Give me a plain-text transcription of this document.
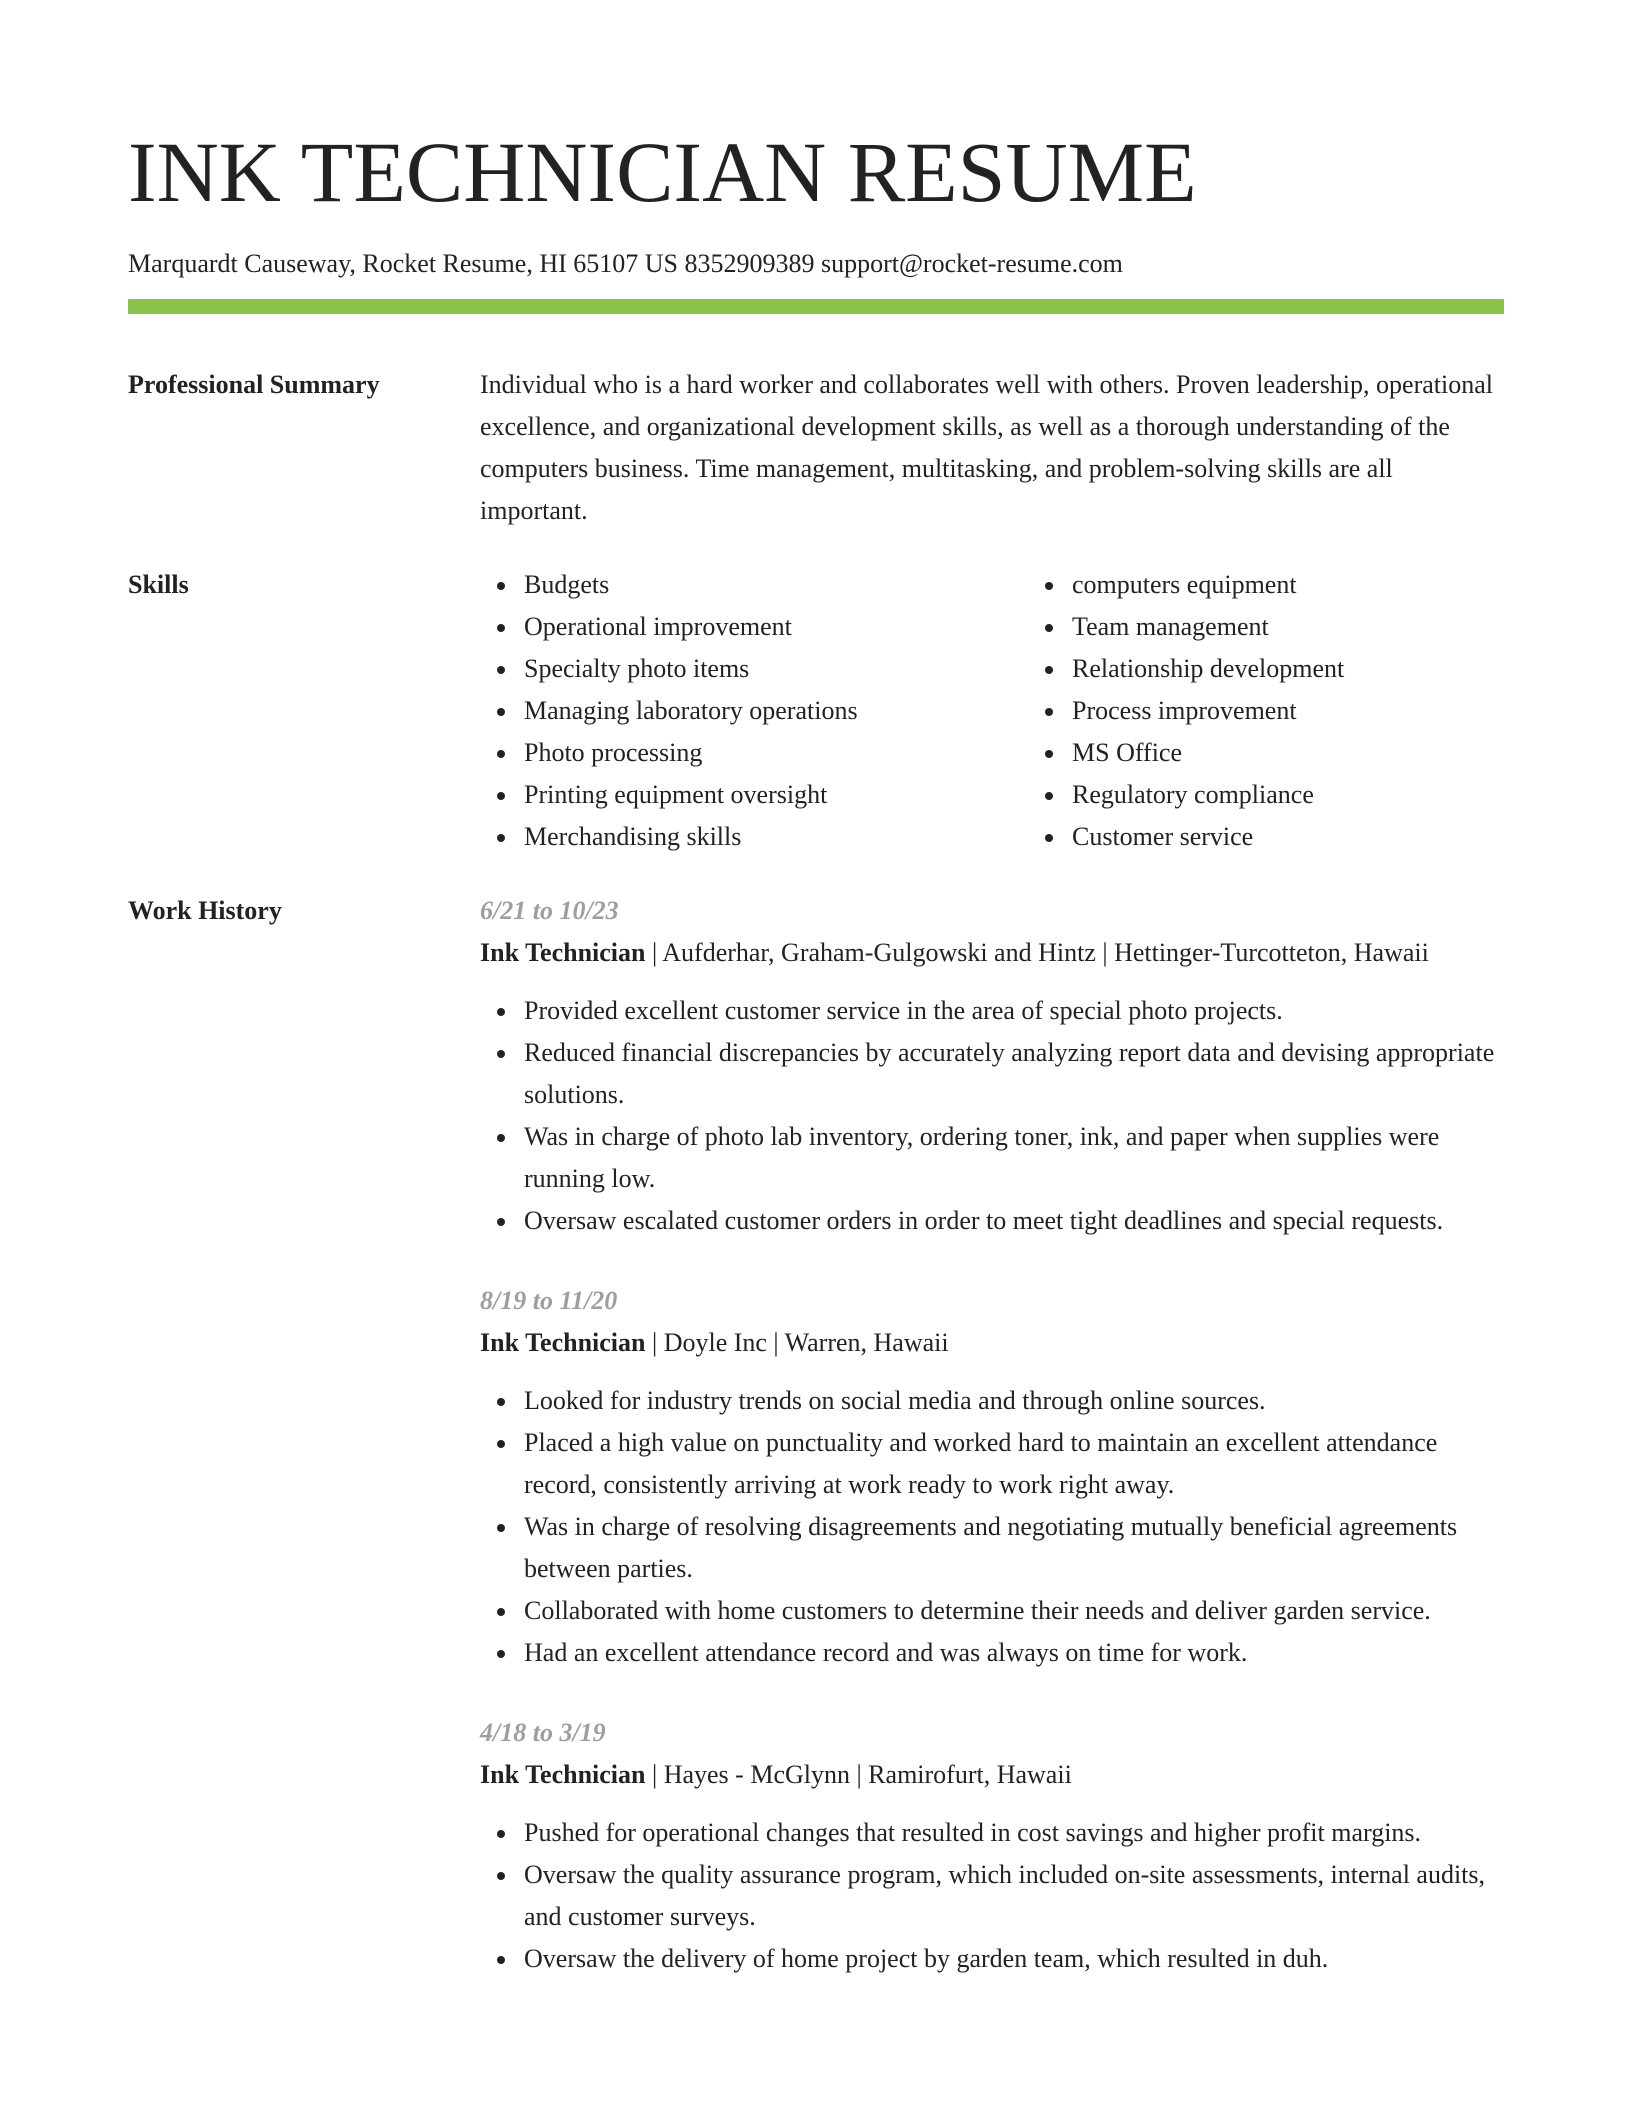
INK TECHNICIAN RESUME
Marquardt Causeway, Rocket Resume, HI 65107 US 8352909389 support@rocket-resume.com
Professional Summary	Individual who is a hard worker and collaborates well with others. Proven leadership, operational excellence, and organizational development skills, as well as a thorough understanding of the computers business. Time management, multitasking, and problem-solving skills are all important.
Skills	Budgets
Operational improvement
Specialty photo items
Managing laboratory operations
Photo processing
Printing equipment oversight
Merchandising skills
computers equipment
Team management
Relationship development
Process improvement
MS Office
Regulatory compliance
Customer service
Work History	6/21 to 10/23
Ink Technician | Aufderhar, Graham-Gulgowski and Hintz | Hettinger-Turcotteton, Hawaii
Provided excellent customer service in the area of special photo projects.
Reduced financial discrepancies by accurately analyzing report data and devising appropriate solutions.
Was in charge of photo lab inventory, ordering toner, ink, and paper when supplies were running low.
Oversaw escalated customer orders in order to meet tight deadlines and special requests.
8/19 to 11/20
Ink Technician | Doyle Inc | Warren, Hawaii
Looked for industry trends on social media and through online sources.
Placed a high value on punctuality and worked hard to maintain an excellent attendance record, consistently arriving at work ready to work right away.
Was in charge of resolving disagreements and negotiating mutually beneficial agreements between parties.
Collaborated with home customers to determine their needs and deliver garden service.
Had an excellent attendance record and was always on time for work.
4/18 to 3/19
Ink Technician | Hayes - McGlynn | Ramirofurt, Hawaii
Pushed for operational changes that resulted in cost savings and higher profit margins.
Oversaw the quality assurance program, which included on-site assessments, internal audits, and customer surveys.
Oversaw the delivery of home project by garden team, which resulted in duh.
